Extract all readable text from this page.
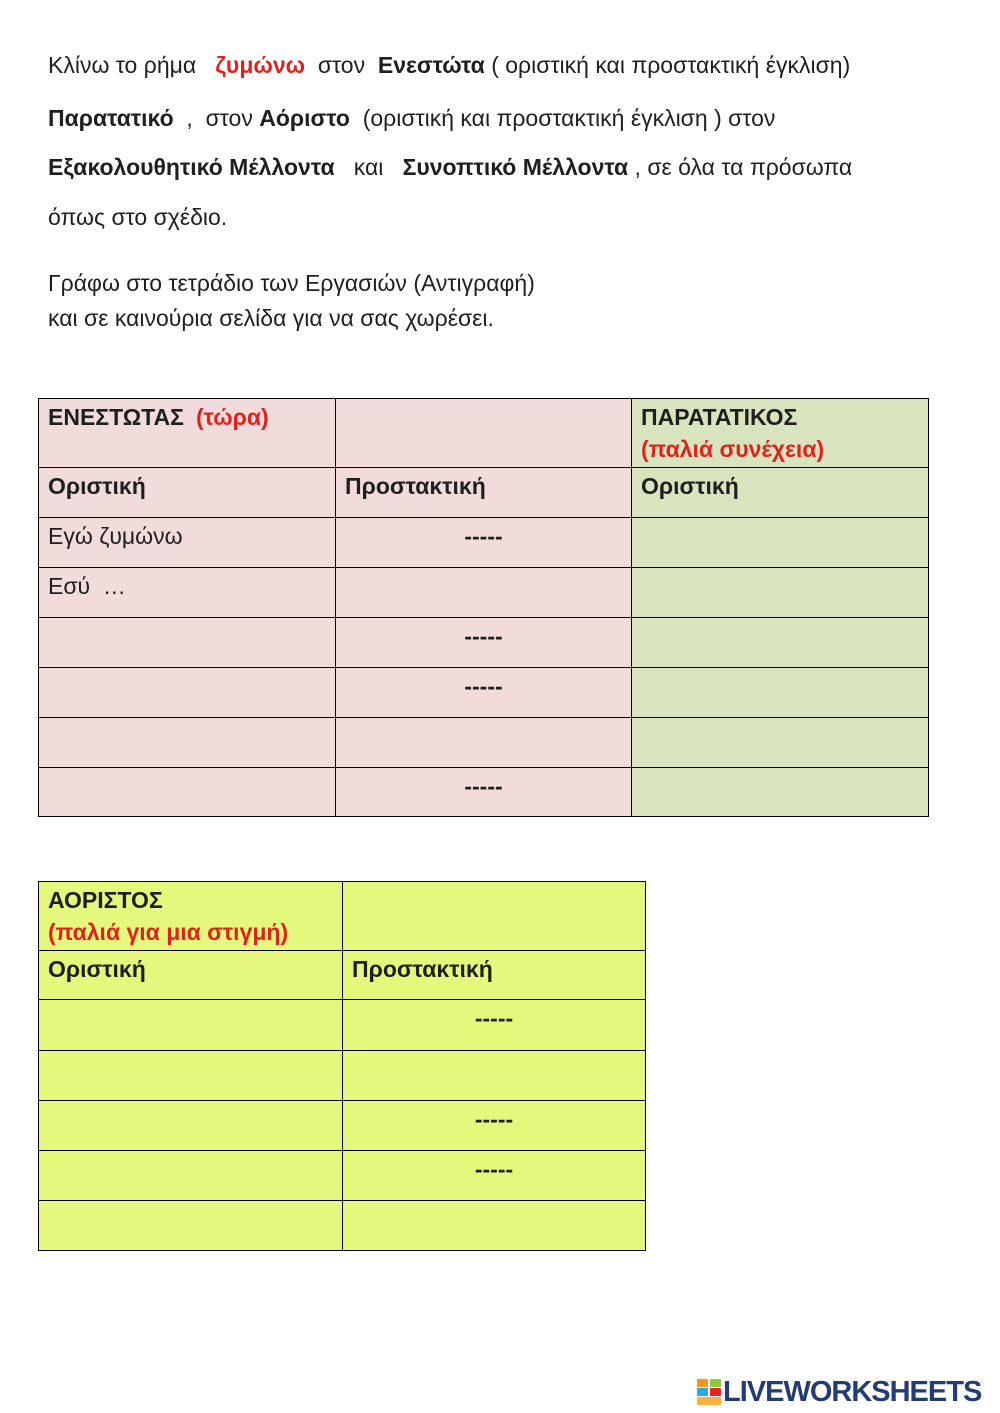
Κλίνω το ρήμα   ζυμώνω  στον  Ενεστώτα ( οριστική και προστακτική έγκλιση)
Παρατατικό  ,  στον Αόριστο  (οριστική και προστακτική έγκλιση ) στον
Εξακολουθητικό Μέλλοντα   και   Συνοπτικό Μέλλοντα , σε όλα τα πρόσωπα
όπως στο σχέδιο.
Γράφω στο τετράδιο των Εργασιών (Αντιγραφή)
και σε καινούρια σελίδα για να σας χωρέσει.
ΕΝΕΣΤΩΤΑΣ (τώρα)		ΠΑΡΑΤΑΤΙΚΟΣ
(παλιά συνέχεια)

Οριστική	Προστακτική	Οριστική
Εγώ ζυμώνω	-----	
Εσύ  …		
	-----	
	-----	

	-----	
ΑΟΡΙΣΤΟΣ
(παλιά για μια στιγμή)	

Οριστική	Προστακτική
	-----

	-----
	-----

LIVEWORKSHEETS
